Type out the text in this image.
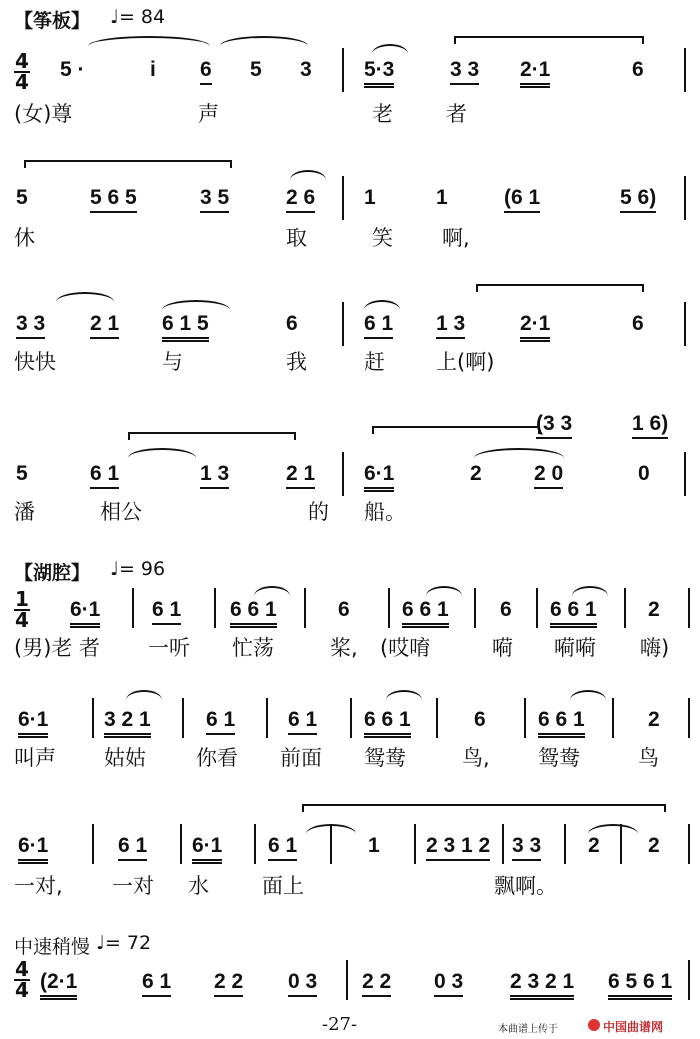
【筝板】 ♩= 84
4
4
5 ·	i 6 5 3 5·3	3 3 2·1	6
(女)尊	声	老	者
5	5 6 5	3 5	2 6 1	1	(6 1	5 6)
休	取	笑 啊,
3 3 2 1 6 1 5	6	6 1 1 3	2·1	6
快快	与	我	赶 上(啊)
(3 3	1 6)
5	6 1	1 3	2 1 6·1	2 2 0	0
潘	相公	的 船。
【湖腔】 ♩= 96
1
4 6·1 6 1 6 6 1	6 6 6 1 6 6 6 1 2
(男)老 者 一听 忙荡	桨, (哎唷	嗬 嗬嗬 嗨)
6·1	3 2 1	6 1	6 1 6 6 1	6 6 6 1	2
叫声 姑姑 你看 前面 鸳鸯	鸟, 鸳鸯	鸟
6·1	6 1 6·1 6 1	1 2 3 1 2 3 3 2 2
一对, 一对 水	面上	飘啊。
中速稍慢 ♩= 72
4
4 (2·1	6 1 2 2 0 3 2 2 0 3 2 3 2 1 6 5 6 1
-27-	本曲谱上传于	中国曲谱网
